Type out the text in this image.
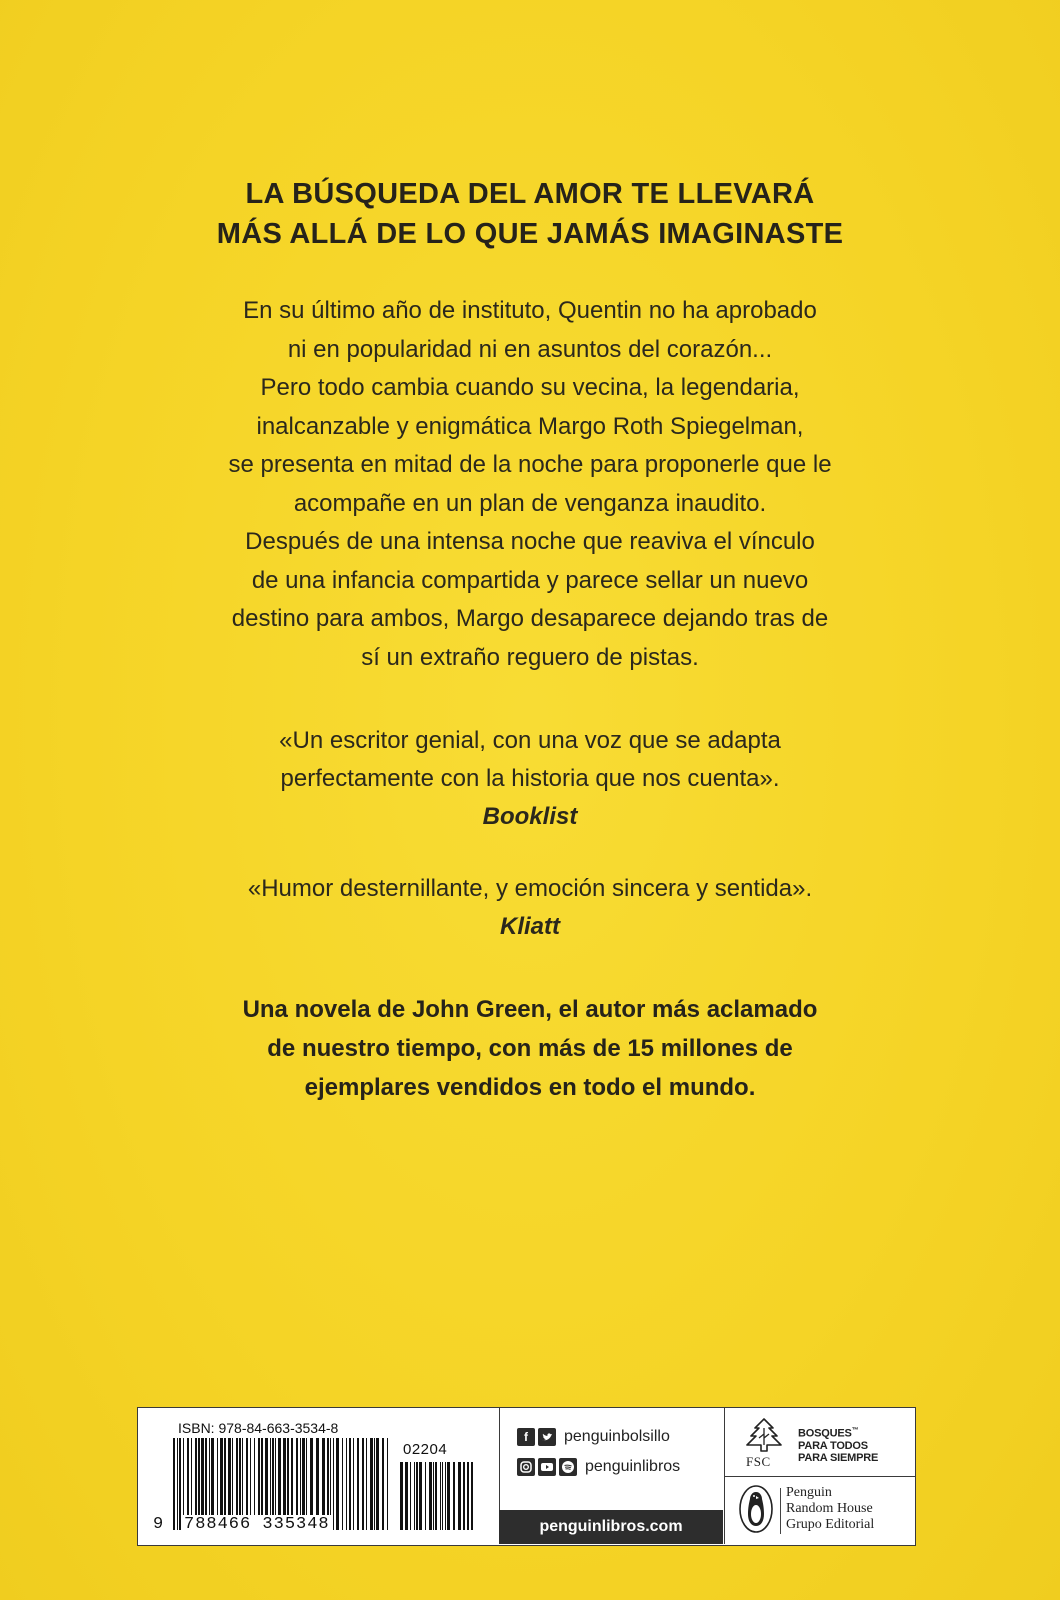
LA BÚSQUEDA DEL AMOR TE LLEVARÁ
MÁS ALLÁ DE LO QUE JAMÁS IMAGINASTE
En su último año de instituto, Quentin no ha aprobado
ni en popularidad ni en asuntos del corazón...
Pero todo cambia cuando su vecina, la legendaria,
inalcanzable y enigmática Margo Roth Spiegelman,
se presenta en mitad de la noche para proponerle que le
acompañe en un plan de venganza inaudito.
Después de una intensa noche que reaviva el vínculo
de una infancia compartida y parece sellar un nuevo
destino para ambos, Margo desaparece dejando tras de
sí un extraño reguero de pistas.
«Un escritor genial, con una voz que se adapta
perfectamente con la historia que nos cuenta».
Booklist
«Humor desternillante, y emoción sincera y sentida».
Kliatt
Una novela de John Green, el autor más aclamado
de nuestro tiempo, con más de 15 millones de
ejemplares vendidos en todo el mundo.
ISBN: 978-84-663-3534-8
02204
9 788466 335348
f	penguinbolsillo
penguinlibros
penguinlibros.com
FSC
BOSQUES™
PARA TODOS
PARA SIEMPRE
Penguin
Random House
Grupo Editorial
